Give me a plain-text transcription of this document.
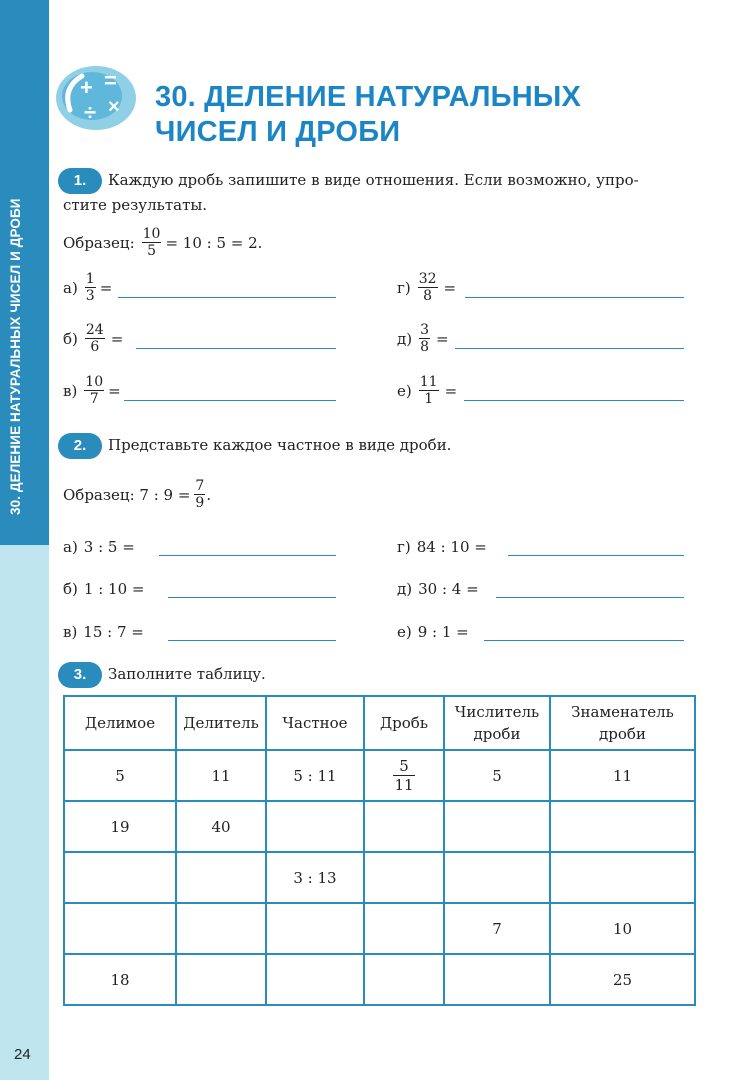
30. ДЕЛЕНИЕ НАТУРАЛЬНЫХ ЧИСЕЛ И ДРОБИ
24
+ =
÷ × 30. ДЕЛЕНИЕ НАТУРАЛЬНЫХ
ЧИСЕЛ И ДРОБИ
1.	Каждую дробь запишите в виде отношения. Если возможно, упро-
стите результаты.
Образец: $\frac{10}{5} = 10$ : 5 = 2.
$а) \frac{1}{3}$ =
$б) \frac{24}{6}$ =
$в) \frac{10}{7}$ =
$г) \frac{32}{8}$ =
$д) \frac{3}{8}$ =
$е) \frac{11}{1}$ =
2.	Представьте каждое частное в виде дроби.
Образец: 7 : $9 = \frac{7}{9}$ .
а) 3 : 5 =
б) 1 : 10 =
в) 15 : 7 =
г) 84 : 10 =
д) 30 : 4 =
е) 9 : 1 =
3.	Заполните таблицу.
Делимое	Делитель	Частное	Дробь	Числитель дроби	Знаменатель дроби
5	11	5 : 11	$\frac{5}{11}$	5	11
19	40				
		3 : 13			
				7	10
18					25
